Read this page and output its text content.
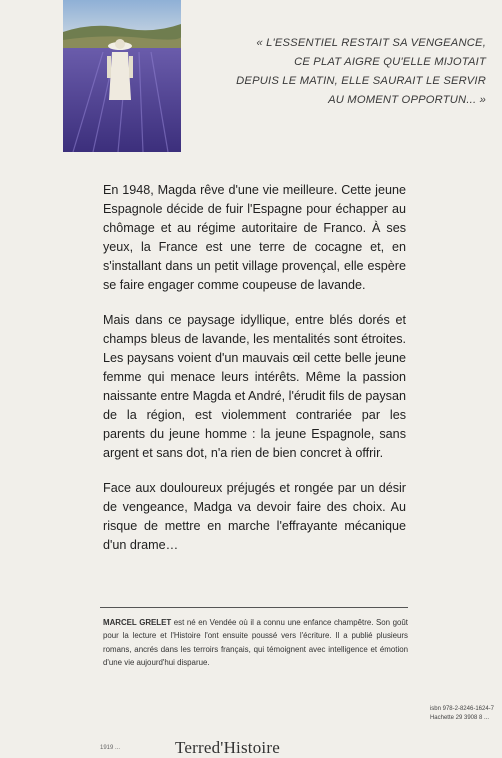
« L'ESSENTIEL RESTAIT SA VENGEANCE,
CE PLAT AIGRE QU'ELLE MIJOTAIT
DEPUIS LE MATIN, ELLE SAURAIT LE SERVIR
AU MOMENT OPPORTUN... »

En 1948, Magda rêve d'une vie meilleure. Cette jeune Espagnole décide de fuir l'Espagne pour échapper au chômage et au régime autoritaire de Franco. À ses yeux, la France est une terre de cocagne et, en s'installant dans un petit village provençal, elle espère se faire engager comme coupeuse de lavande.

Mais dans ce paysage idyllique, entre blés dorés et champs bleus de lavande, les mentalités sont étroites. Les paysans voient d'un mauvais œil cette belle jeune femme qui menace leurs intérêts. Même la passion naissante entre Magda et André, l'érudit fils de paysan de la région, est violemment contrariée par les parents du jeune homme : la jeune Espagnole, sans argent et sans dot, n'a rien de bien concret à offrir.

Face aux douloureux préjugés et rongée par un désir de vengeance, Madga va devoir faire des choix. Au risque de mettre en marche l'effrayante mécanique d'un drame…

MARCEL GRELET est né en Vendée où il a connu une enfance champêtre. Son goût pour la lecture et l'Histoire l'ont ensuite poussé vers l'écriture. Il a publié plusieurs romans, ancrés dans les terroirs français, qui témoignent avec intelligence et émotion d'une vie aujourd'hui disparue.
isbn 978-2-8246-1624-7
Hachette 29 3908 8 ...
1919 ...	Terred'Histoire
